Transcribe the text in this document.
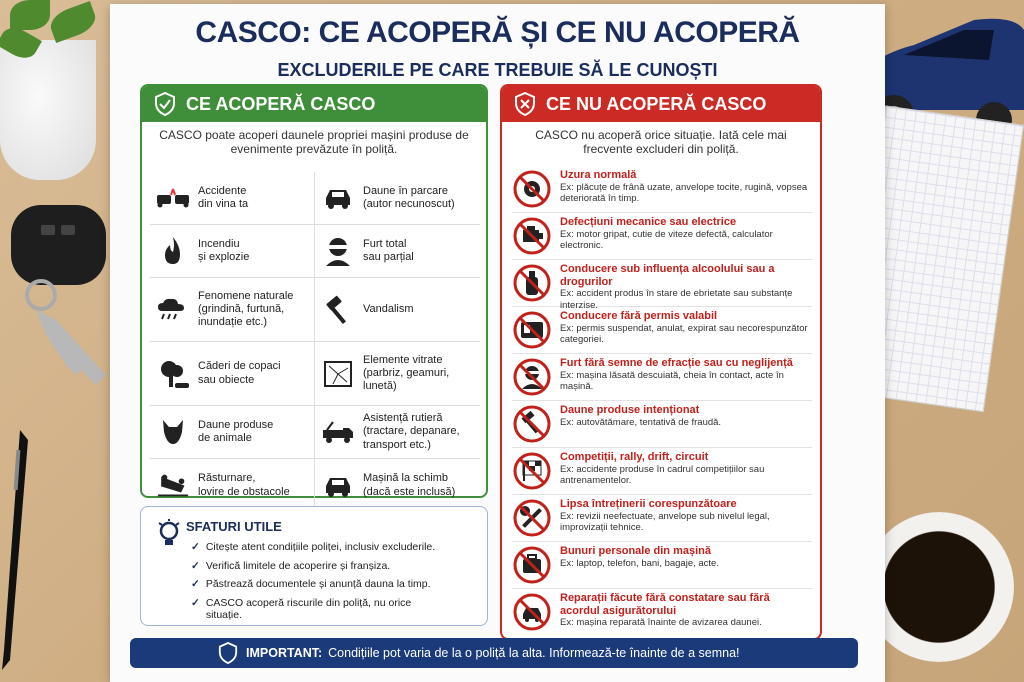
CASCO: CE ACOPERĂ ȘI CE NU ACOPERĂ
EXCLUDERILE PE CARE TREBUIE SĂ LE CUNOȘTI
CE ACOPERĂ CASCO
CASCO poate acoperi daunele propriei mașini produse de evenimente prevăzute în poliță.
Accidente
din vina ta
Daune în parcare
(autor necunoscut)
Incendiu
și explozie
Furt total
sau parțial
Fenomene naturale
(grindină, furtună, inundație etc.)
Vandalism
Căderi de copaci
sau obiecte
Elemente vitrate
(parbriz, geamuri, lunetă)
Daune produse
de animale
Asistență rutieră
(tractare, depanare, transport etc.)
Răsturnare,
lovire de obstacole
Mașină la schimb
(dacă este inclusă)
CE NU ACOPERĂ CASCO
CASCO nu acoperă orice situație. Iată cele mai frecvente excluderi din poliță.
Uzura normală
Ex: plăcuțe de frână uzate, anvelope tocite, rugină, vopsea deteriorată în timp.
Defecțiuni mecanice sau electrice
Ex: motor gripat, cutie de viteze defectă, calculator electronic.
Conducere sub influența alcoolului sau a drogurilor
Ex: accident produs în stare de ebrietate sau substanțe interzise.
Conducere fără permis valabil
Ex: permis suspendat, anulat, expirat sau necorespunzător categoriei.
Furt fără semne de efracție sau cu neglijență
Ex: mașina lăsată descuiată, cheia în contact, acte în mașină.
Daune produse intenționat
Ex: autovătămare, tentativă de fraudă.
Competiții, rally, drift, circuit
Ex: accidente produse în cadrul competițiilor sau antrenamentelor.
Lipsa întreținerii corespunzătoare
Ex: revizii neefectuate, anvelope sub nivelul legal, improvizații tehnice.
Bunuri personale din mașină
Ex: laptop, telefon, bani, bagaje, acte.
Reparații făcute fără constatare sau fără acordul asigurătorului
Ex: mașina reparată înainte de avizarea daunei.
SFATURI UTILE
✓ Citește atent condițiile poliței, inclusiv excluderile.
✓ Verifică limitele de acoperire și franșiza.
✓ Păstrează documentele și anunță dauna la timp.
✓ CASCO acoperă riscurile din poliță, nu orice situație.
IMPORTANT: Condițiile pot varia de la o poliță la alta. Informează-te înainte de a semna!
